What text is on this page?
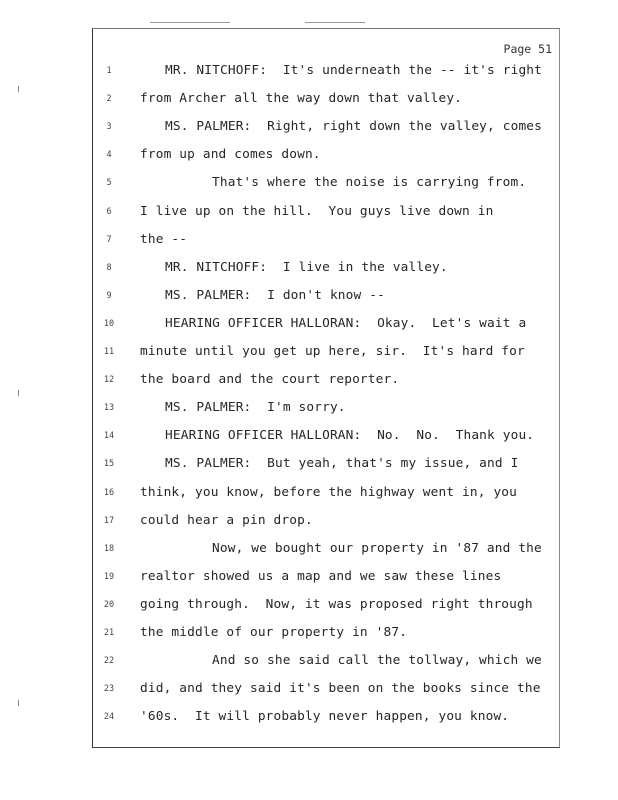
Page 51
1	MR. NITCHOFF:  It's underneath the -- it's right
2	from Archer all the way down that valley.
3	MS. PALMER:  Right, right down the valley, comes
4	from up and comes down.
5	That's where the noise is carrying from.
6	I live up on the hill.  You guys live down in
7	the --
8	MR. NITCHOFF:  I live in the valley.
9	MS. PALMER:  I don't know --
10	HEARING OFFICER HALLORAN:  Okay.  Let's wait a
11	minute until you get up here, sir.  It's hard for
12	the board and the court reporter.
13	MS. PALMER:  I'm sorry.
14	HEARING OFFICER HALLORAN:  No.  No.  Thank you.
15	MS. PALMER:  But yeah, that's my issue, and I
16	think, you know, before the highway went in, you
17	could hear a pin drop.
18	Now, we bought our property in '87 and the
19	realtor showed us a map and we saw these lines
20	going through.  Now, it was proposed right through
21	the middle of our property in '87.
22	And so she said call the tollway, which we
23	did, and they said it's been on the books since the
24	'60s.  It will probably never happen, you know.
